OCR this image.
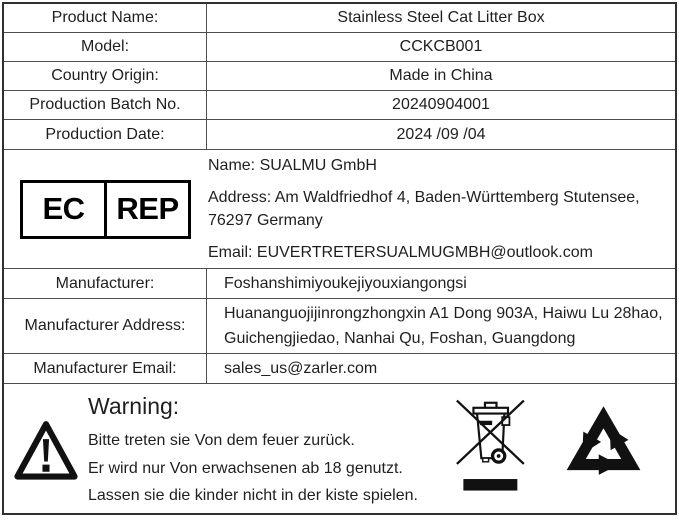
Product Name:	Stainless Steel Cat Litter Box
Model:	CCKCB001
Country Origin:	Made in China
Production Batch No.	20240904001
Production Date:	2024 /09 /04
EC	REP
Name: SUALMU GmbH
Address: Am Waldfriedhof 4, Baden-Württemberg Stutensee, 76297 Germany
Email: EUVERTRETERSUALMUGMBH@outlook.com
Manufacturer:	Foshanshimiyoukejiyouxiangongsi
Manufacturer Address:
Huananguojijinrongzhongxin A1 Dong 903A, Haiwu Lu 28hao, Guichengjiedao, Nanhai Qu, Foshan, Guangdong
Manufacturer Email:	sales_us@zarler.com
Warning:
Bitte treten sie Von dem feuer zurück.
Er wird nur Von erwachsenen ab 18 genutzt.
Lassen sie die kinder nicht in der kiste spielen.
